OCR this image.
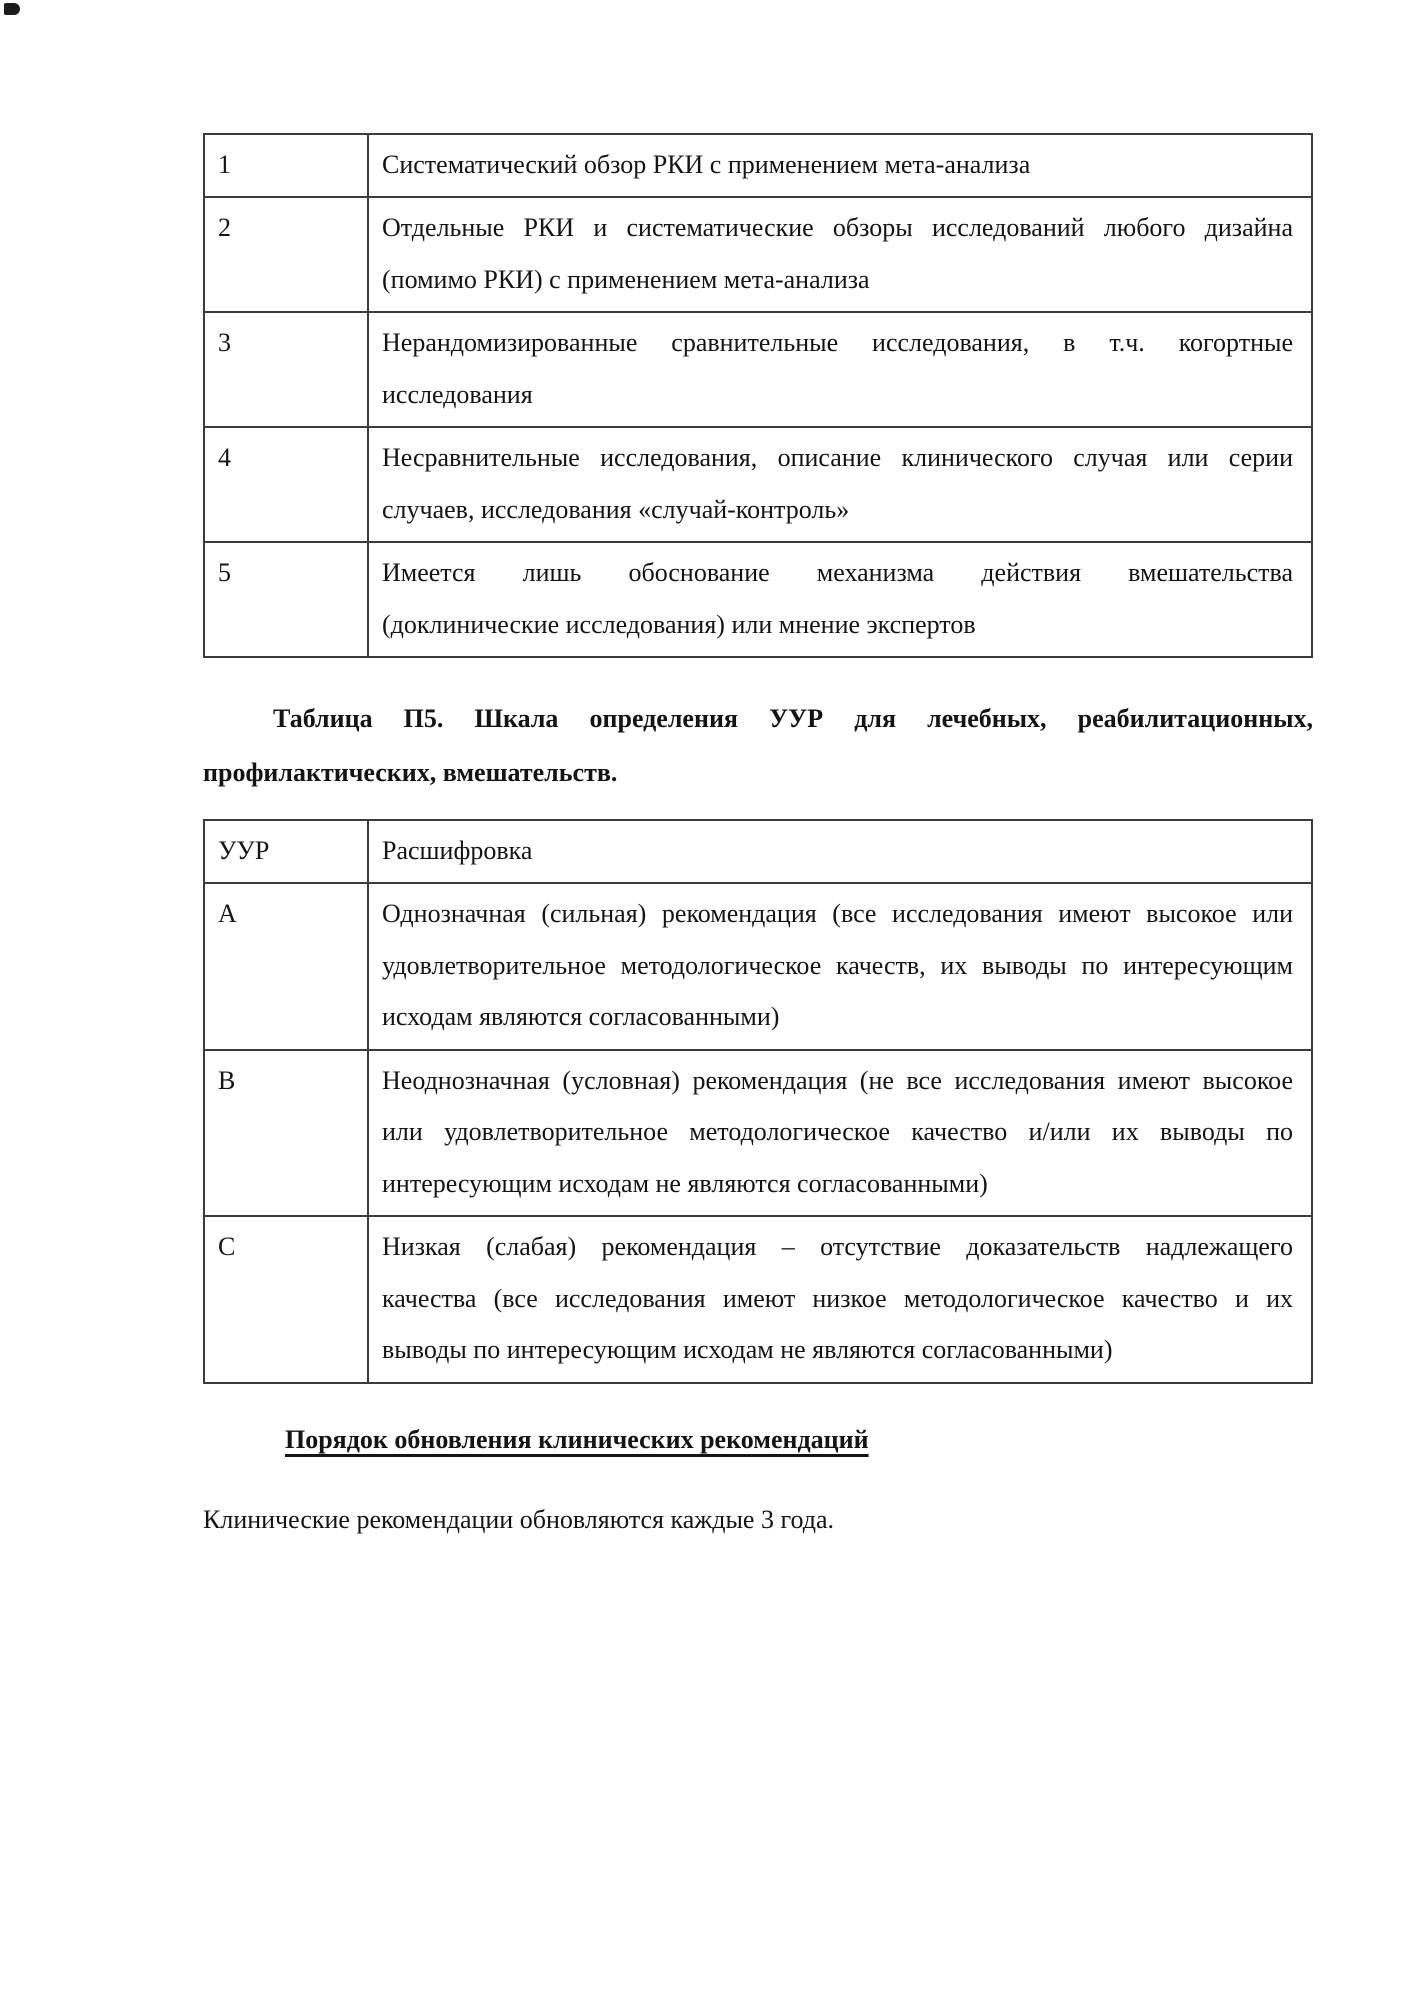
1	Систематический обзор РКИ с применением мета-анализа

2	Отдельные РКИ и систематические обзоры исследований любого дизайна
(помимо РКИ) с применением мета-анализа

3	Нерандомизированные сравнительные исследования, в т.ч. когортные
исследования

4	Несравнительные исследования, описание клинического случая или серии
случаев, исследования «случай-контроль»

5	Имеется лишь обоснование механизма действия вмешательства
(доклинические исследования) или мнение экспертов
Таблица П5. Шкала определения УУР для лечебных, реабилитационных,
профилактических, вмешательств.
УУР	Расшифровка

A	Однозначная (сильная) рекомендация (все исследования имеют высокое или
удовлетворительное методологическое качеств, их выводы по интересующим
исходам являются согласованными)

B	Неоднозначная (условная) рекомендация (не все исследования имеют высокое
или удовлетворительное методологическое качество и/или их выводы по
интересующим исходам не являются согласованными)

C	Низкая (слабая) рекомендация – отсутствие доказательств надлежащего
качества (все исследования имеют низкое методологическое качество и их
выводы по интересующим исходам не являются согласованными)
Порядок обновления клинических рекомендаций

Клинические рекомендации обновляются каждые 3 года.
